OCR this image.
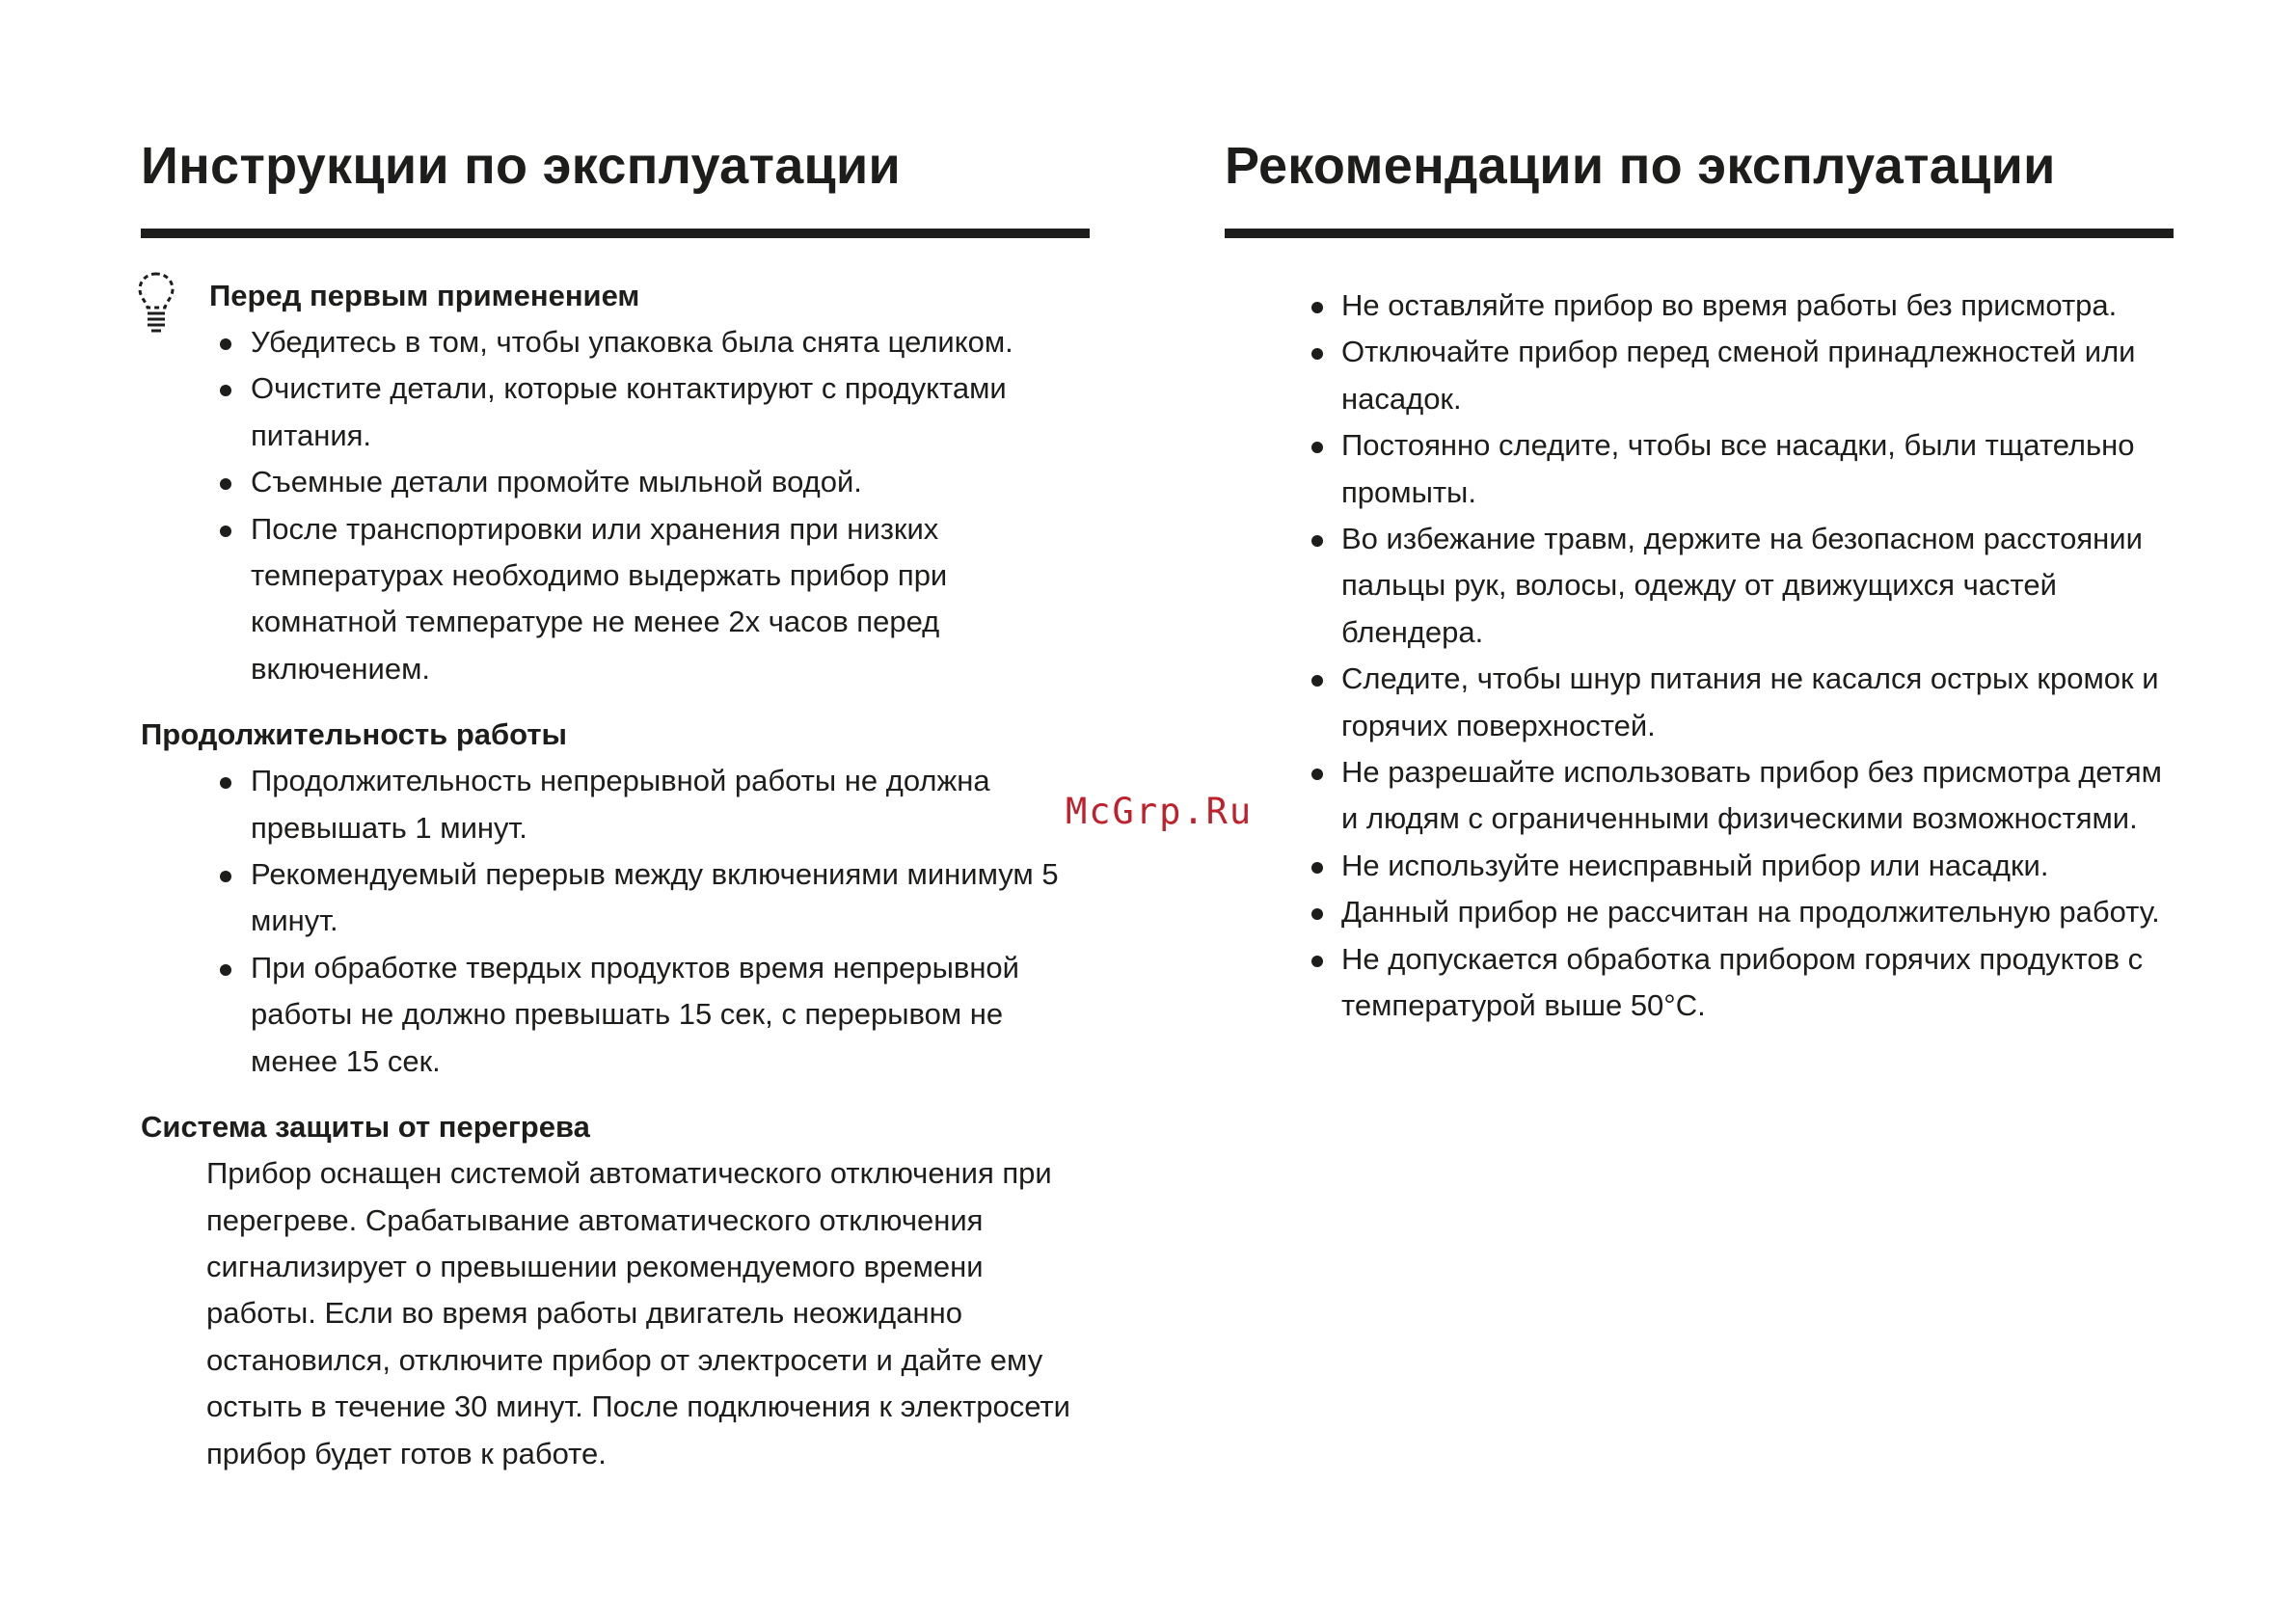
Инструкции по эксплуатации

Перед первым применением

Убедитесь в том, чтобы упаковка была снята целиком.
Очистите детали, которые контактируют с продуктами питания.
Съемные детали промойте мыльной водой.
После транспортировки или хранения при низких температурах необходимо выдержать прибор при комнатной температуре не менее 2х часов перед включением.

Продолжительность работы

Продолжительность непрерывной работы не должна превышать 1 минут.
Рекомендуемый перерыв между включениями минимум 5 минут.
При обработке твердых продуктов время непрерывной работы не должно превышать 15 сек, с перерывом не менее 15 сек.

Система защиты от перегрева

Прибор оснащен системой автоматического отключения при перегреве. Срабатывание автоматического отключения сигнализирует о превышении рекомендуемого времени работы. Если во время работы двигатель неожиданно остановился, отключите прибор от электросети и дайте ему остыть в течение 30 минут. После подключения к электросети прибор будет готов к работе.

Рекомендации по эксплуатации
Не оставляйте прибор во время работы без присмотра.
Отключайте прибор перед сменой принадлежностей или насадок.
Постоянно следите, чтобы все насадки, были тщательно промыты.
Во избежание травм, держите на безопасном расстоянии пальцы рук, волосы, одежду от движущихся частей блендера.
Следите, чтобы шнур питания не касался острых кромок и горячих поверхностей.
Не разрешайте использовать прибор без присмотра детям и людям с ограниченными физическими возможностями.
Не используйте неисправный прибор или насадки.
Данный прибор не рассчитан на продолжительную работу.
Не допускается обработка прибором горячих продуктов с температурой выше 50°C.
McGrp.Ru
